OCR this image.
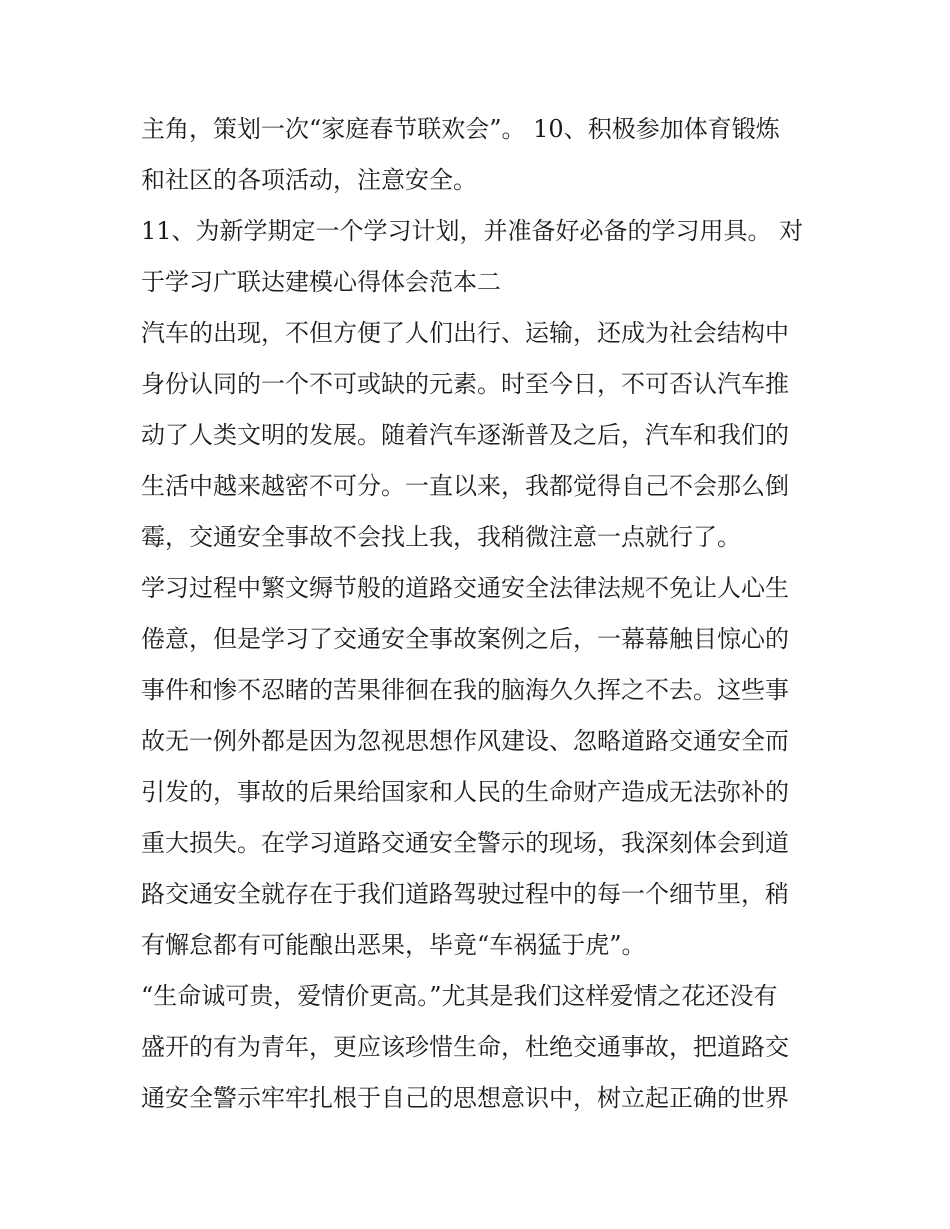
主角，策划一次“家庭春节联欢会”。 10、积极参加体育锻炼
和社区的各项活动，注意安全。
11、为新学期定一个学习计划，并准备好必备的学习用具。 对
于学习广联达建模心得体会范本二
汽车的出现，不但方便了人们出行、运输，还成为社会结构中
身份认同的一个不可或缺的元素。时至今日，不可否认汽车推
动了人类文明的发展。随着汽车逐渐普及之后，汽车和我们的
生活中越来越密不可分。一直以来，我都觉得自己不会那么倒
霉，交通安全事故不会找上我，我稍微注意一点就行了。
学习过程中繁文缛节般的道路交通安全法律法规不免让人心生
倦意，但是学习了交通安全事故案例之后，一幕幕触目惊心的
事件和惨不忍睹的苦果徘徊在我的脑海久久挥之不去。这些事
故无一例外都是因为忽视思想作风建设、忽略道路交通安全而
引发的，事故的后果给国家和人民的生命财产造成无法弥补的
重大损失。在学习道路交通安全警示的现场，我深刻体会到道
路交通安全就存在于我们道路驾驶过程中的每一个细节里，稍
有懈怠都有可能酿出恶果，毕竟“车祸猛于虎”。
“生命诚可贵，爱情价更高。”尤其是我们这样爱情之花还没有
盛开的有为青年，更应该珍惜生命，杜绝交通事故，把道路交
通安全警示牢牢扎根于自己的思想意识中，树立起正确的世界
